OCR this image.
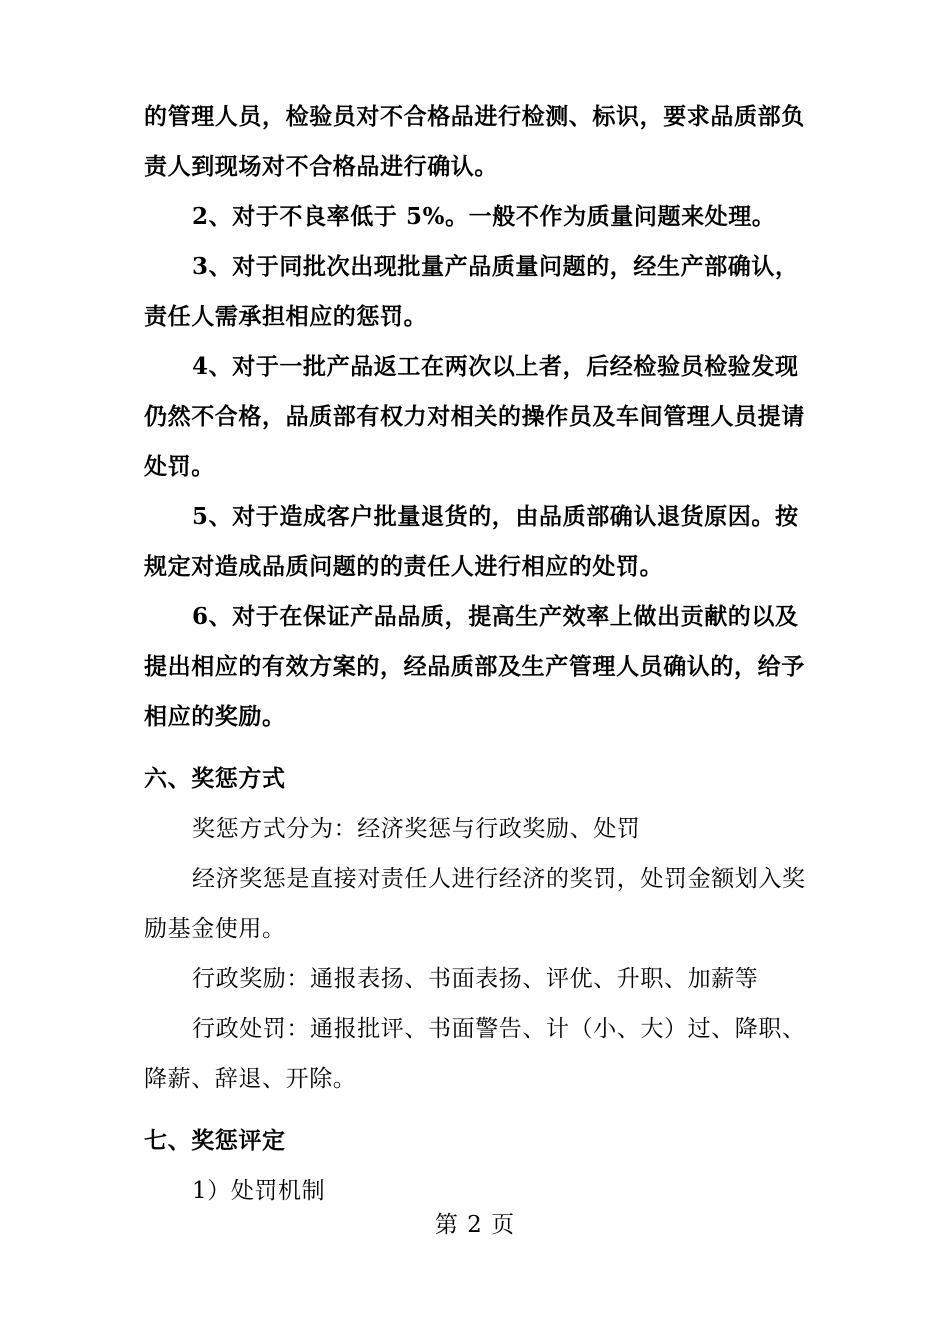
的管理人员，检验员对不合格品进行检测、标识，要求品质部负

责人到现场对不合格品进行确认。

2、对于不良率低于 5%。一般不作为质量问题来处理。

3、对于同批次出现批量产品质量问题的，经生产部确认，

责任人需承担相应的惩罚。

4、对于一批产品返工在两次以上者，后经检验员检验发现

仍然不合格，品质部有权力对相关的操作员及车间管理人员提请

处罚。

5、对于造成客户批量退货的，由品质部确认退货原因。按

规定对造成品质问题的的责任人进行相应的处罚。

6、对于在保证产品品质，提高生产效率上做出贡献的以及

提出相应的有效方案的，经品质部及生产管理人员确认的，给予

相应的奖励。

六、奖惩方式

奖惩方式分为：经济奖惩与行政奖励、处罚

经济奖惩是直接对责任人进行经济的奖罚，处罚金额划入奖

励基金使用。

行政奖励：通报表扬、书面表扬、评优、升职、加薪等

行政处罚：通报批评、书面警告、计（小、大）过、降职、

降薪、辞退、开除。

七、奖惩评定

1）处罚机制

第 2 页
